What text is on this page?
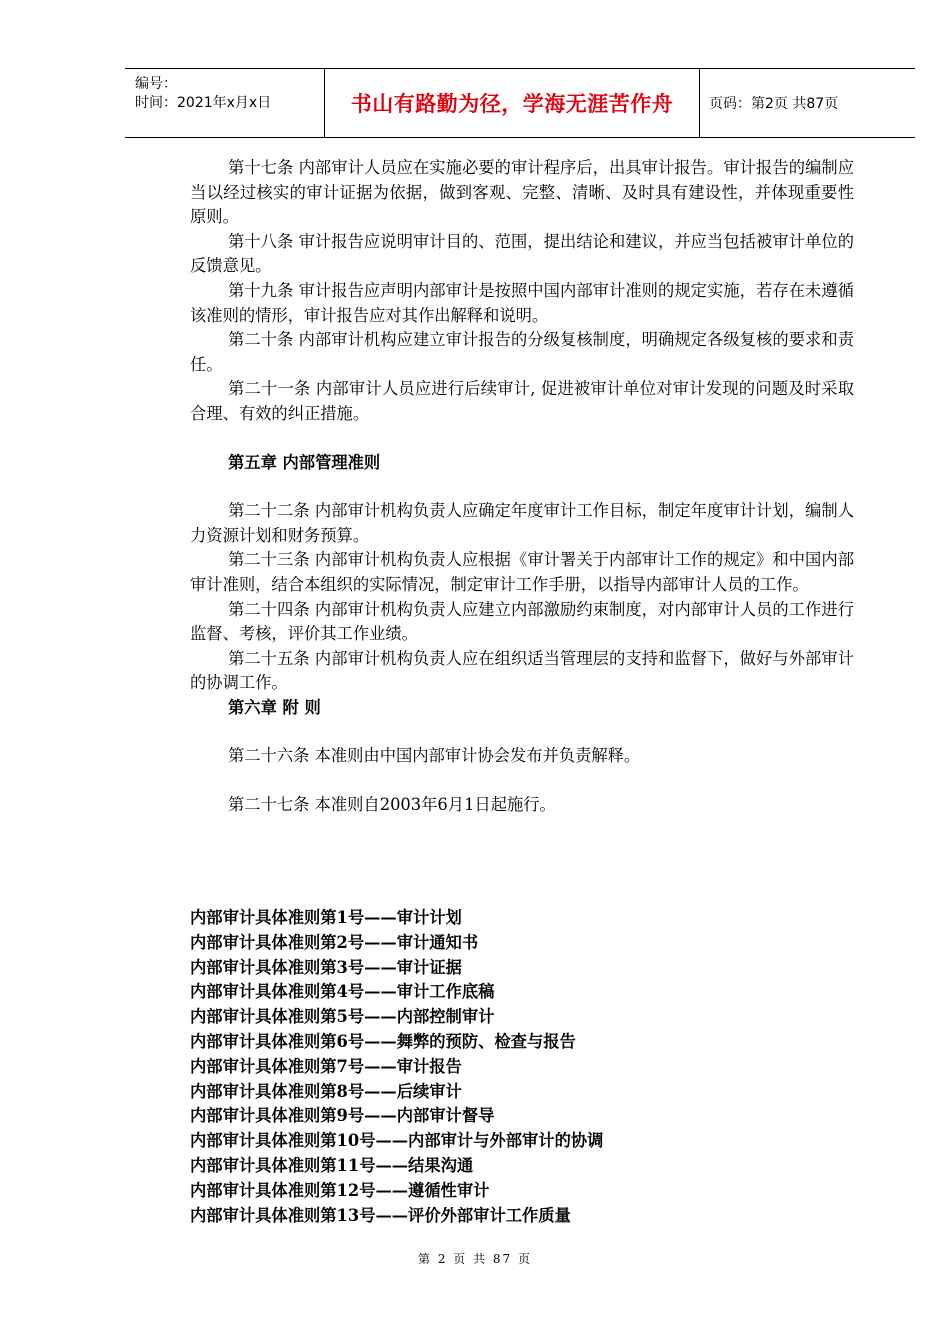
编号：
时间：2021年x月x日	书山有路勤为径，学海无涯苦作舟	页码：第2页 共87页

第十七条 内部审计人员应在实施必要的审计程序后，出具审计报告。审计报告的编制应当以经过核实的审计证据为依据，做到客观、完整、清晰、及时具有建设性，并体现重要性原则。

第十八条 审计报告应说明审计目的、范围，提出结论和建议，并应当包括被审计单位的反馈意见。

第十九条 审计报告应声明内部审计是按照中国内部审计准则的规定实施，若存在未遵循该准则的情形，审计报告应对其作出解释和说明。

第二十条 内部审计机构应建立审计报告的分级复核制度，明确规定各级复核的要求和责任。

第二十一条 内部审计人员应进行后续审计, 促进被审计单位对审计发现的问题及时采取合理、有效的纠正措施。

第五章 内部管理准则

第二十二条 内部审计机构负责人应确定年度审计工作目标，制定年度审计计划，编制人力资源计划和财务预算。

第二十三条 内部审计机构负责人应根据《审计署关于内部审计工作的规定》和中国内部审计准则，结合本组织的实际情况，制定审计工作手册，以指导内部审计人员的工作。

第二十四条 内部审计机构负责人应建立内部激励约束制度，对内部审计人员的工作进行监督、考核，评价其工作业绩。

第二十五条 内部审计机构负责人应在组织适当管理层的支持和监督下，做好与外部审计的协调工作。

第六章 附 则

第二十六条 本准则由中国内部审计协会发布并负责解释。

第二十七条 本准则自2003年6月1日起施行。

内部审计具体准则第1号——审计计划
内部审计具体准则第2号——审计通知书
内部审计具体准则第3号——审计证据
内部审计具体准则第4号——审计工作底稿
内部审计具体准则第5号——内部控制审计
内部审计具体准则第6号——舞弊的预防、检查与报告
内部审计具体准则第7号——审计报告
内部审计具体准则第8号——后续审计
内部审计具体准则第9号——内部审计督导
内部审计具体准则第10号——内部审计与外部审计的协调
内部审计具体准则第11号——结果沟通
内部审计具体准则第12号——遵循性审计
内部审计具体准则第13号——评价外部审计工作质量
第 2 页 共 87 页
